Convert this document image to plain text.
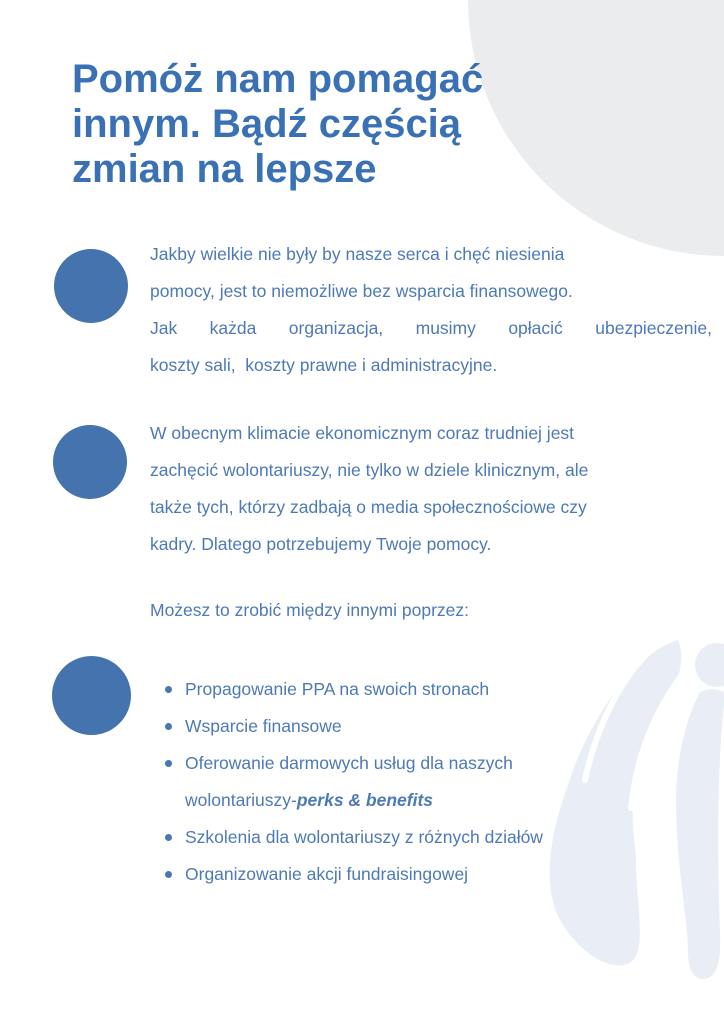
Pomóż nam pomagać
innym. Bądź częścią
zmian na lepsze
Jakby wielkie nie były by nasze serca i chęć niesienia
pomocy, jest to niemożliwe bez wsparcia finansowego.
Jak każda organizacja, musimy opłacić ubezpieczenie,
koszty sali,  koszty prawne i administracyjne.
W obecnym klimacie ekonomicznym coraz trudniej jest
zachęcić wolontariuszy, nie tylko w dziele klinicznym, ale
także tych, którzy zadbają o media społecznościowe czy
kadry. Dlatego potrzebujemy Twoje pomocy.
Możesz to zrobić między innymi poprzez:
Propagowanie PPA na swoich stronach
Wsparcie finansowe
Oferowanie darmowych usług dla naszych
wolontariuszy-perks & benefits
Szkolenia dla wolontariuszy z różnych działów
Organizowanie akcji fundraisingowej
